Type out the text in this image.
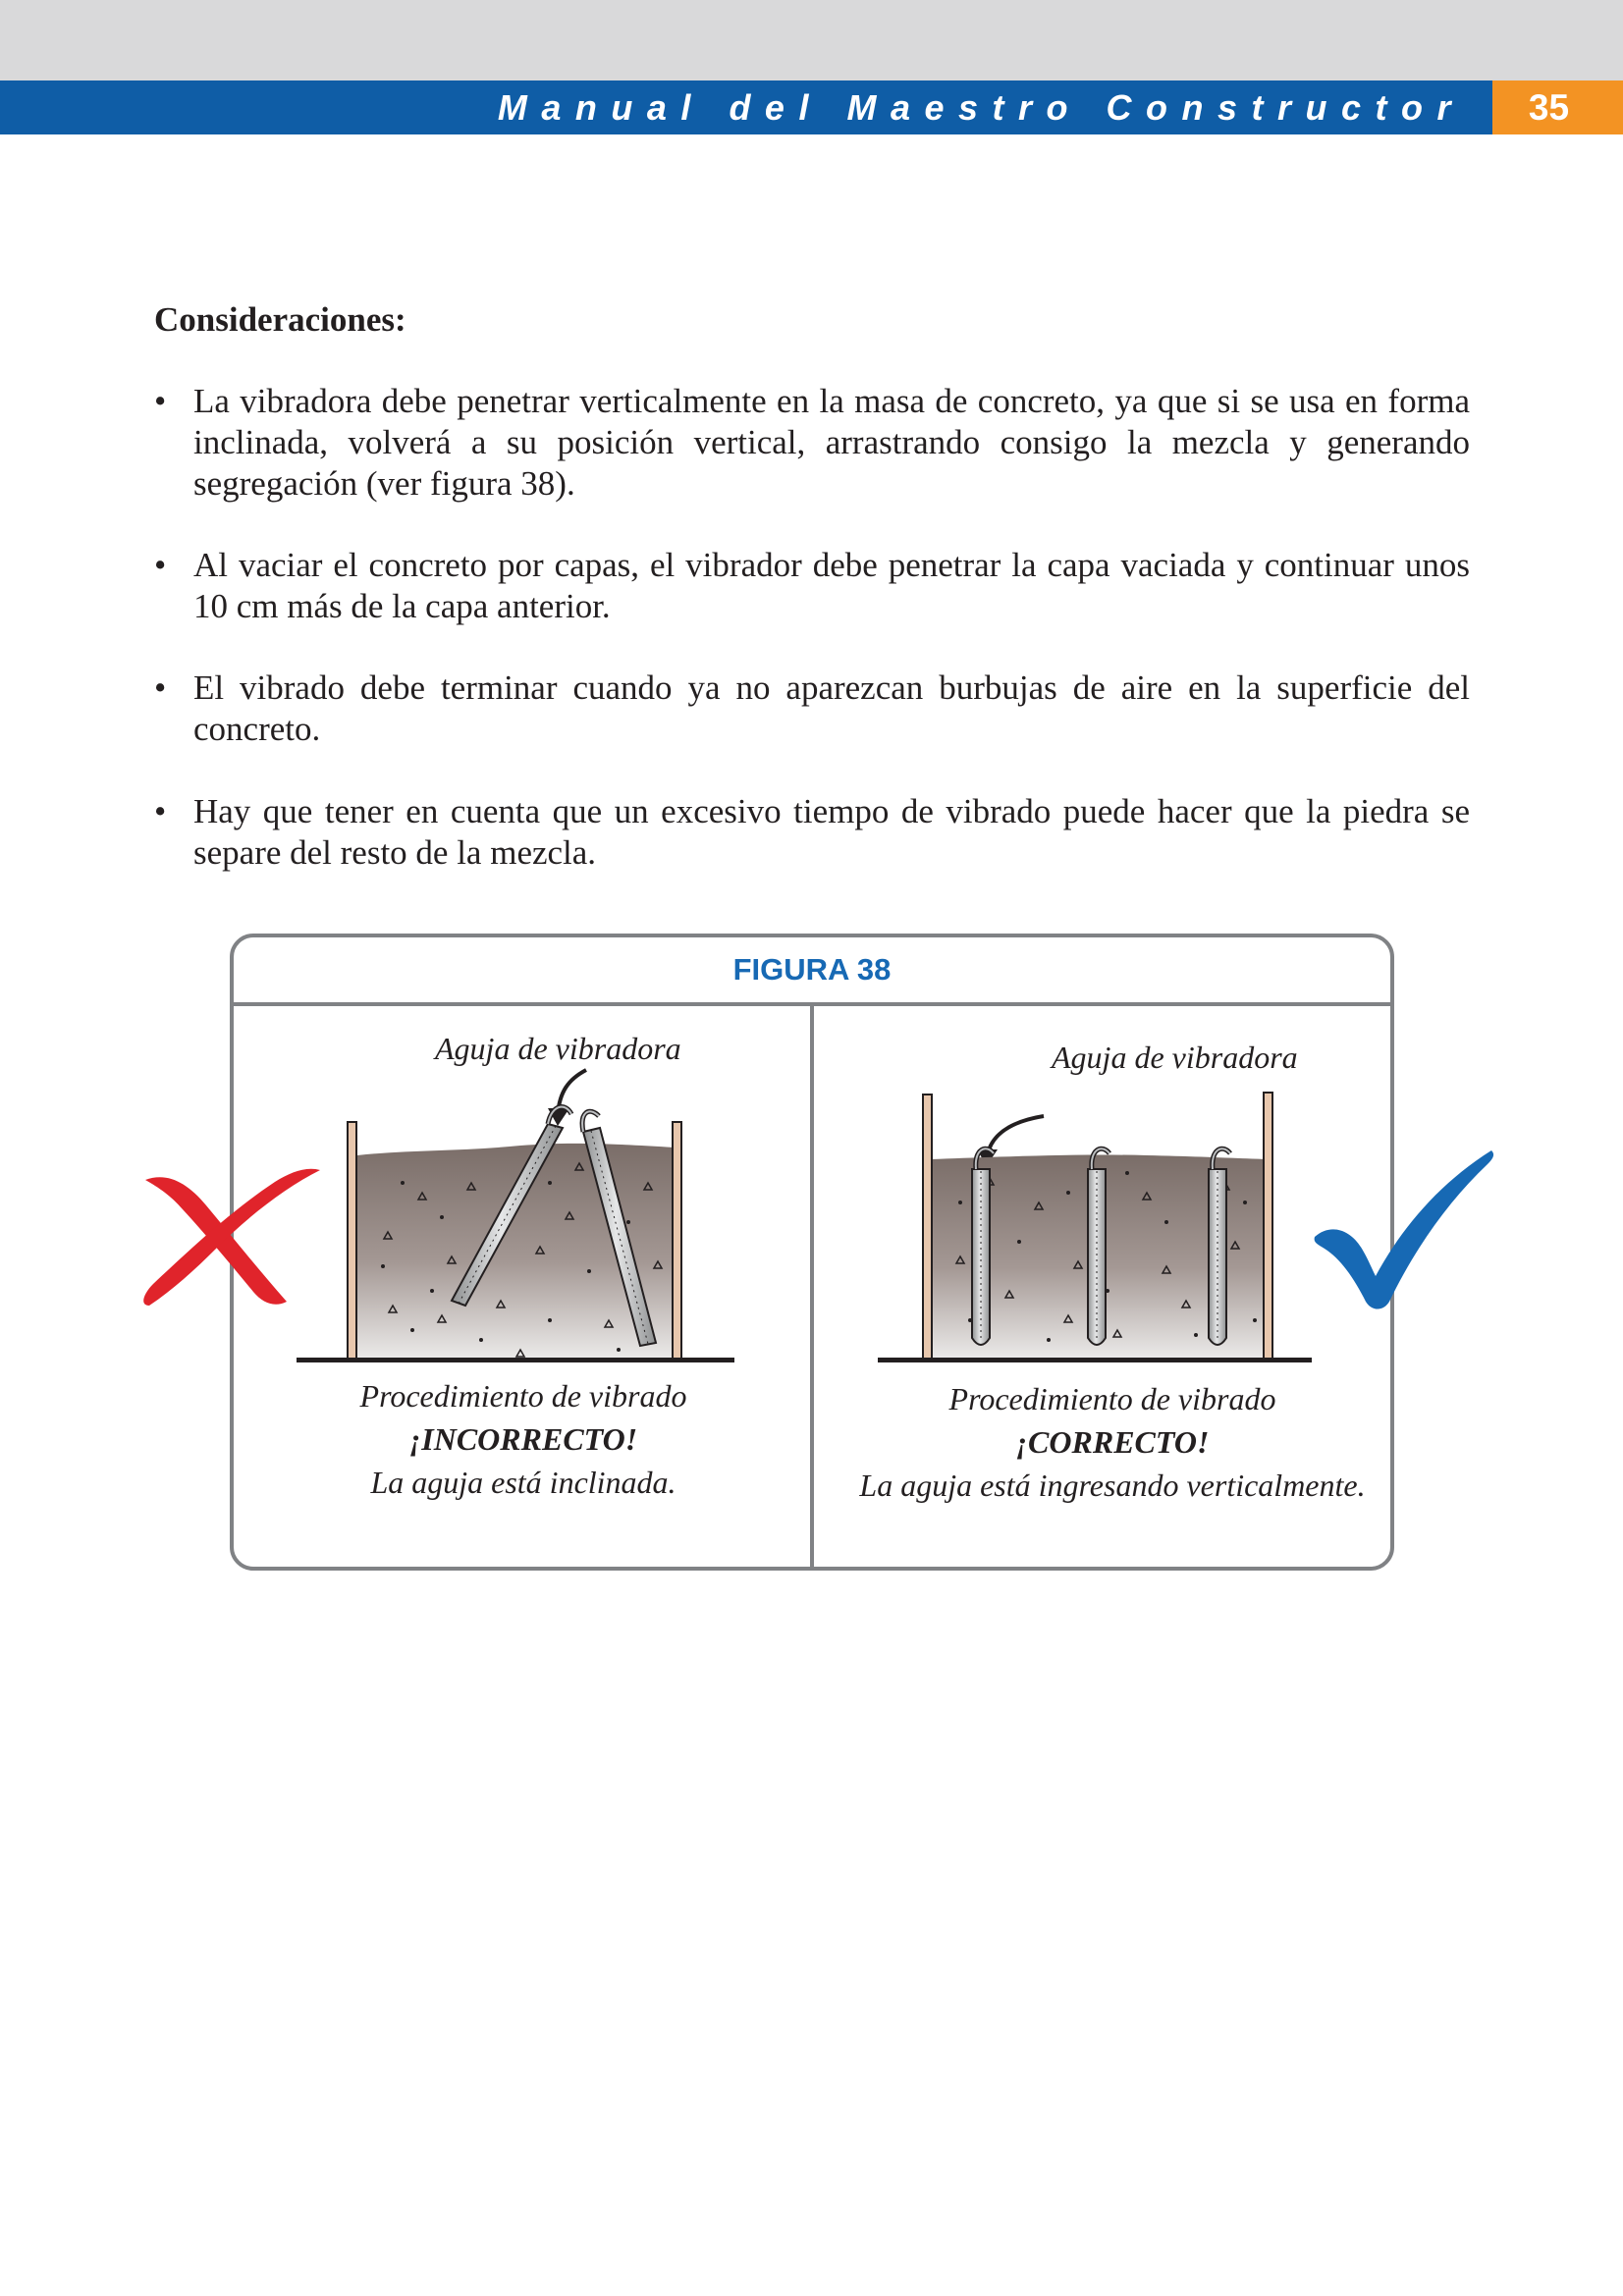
Manual del Maestro Constructor	35
Consideraciones:
• La vibradora debe penetrar verticalmente en la masa de concreto, ya que si se usa en forma inclinada, volverá a su posición vertical, arrastrando consigo la mezcla y generando segregación (ver figura 38).
• Al vaciar el concreto por capas, el vibrador debe penetrar la capa vaciada y continuar unos 10 cm más de la capa anterior.
• El vibrado debe terminar cuando ya no aparezcan burbujas de aire en la superficie del concreto.
• Hay que tener en cuenta que un excesivo tiempo de vibrado puede hacer que la piedra se separe del resto de la mezcla.
FIGURA 38
Aguja de vibradora
Procedimiento de vibrado
¡INCORRECTO!
La aguja está inclinada.
Aguja de vibradora
Procedimiento de vibrado
¡CORRECTO!
La aguja está ingresando verticalmente.
